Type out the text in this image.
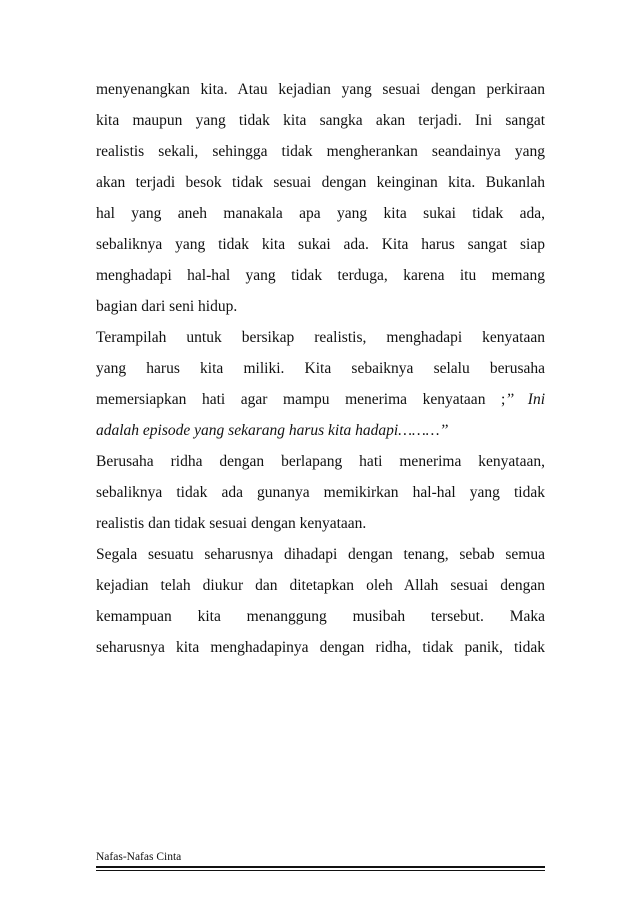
menyenangkan kita. Atau kejadian yang sesuai dengan perkiraan
kita maupun yang tidak kita sangka akan terjadi. Ini sangat
realistis sekali, sehingga tidak mengherankan seandainya yang
akan terjadi besok tidak sesuai dengan keinginan kita. Bukanlah
hal yang aneh manakala apa yang kita sukai tidak ada,
sebaliknya yang tidak kita sukai ada. Kita harus sangat siap
menghadapi hal-hal yang tidak terduga, karena itu memang
bagian dari seni hidup.
Terampilah untuk bersikap realistis, menghadapi kenyataan
yang harus kita miliki. Kita sebaiknya selalu berusaha
memersiapkan hati agar mampu menerima kenyataan ;’’ Ini
adalah episode yang sekarang harus kita hadapi………’’
Berusaha ridha dengan berlapang hati menerima kenyataan,
sebaliknya tidak ada gunanya memikirkan hal-hal yang tidak
realistis dan tidak sesuai dengan kenyataan.
Segala sesuatu seharusnya dihadapi dengan tenang, sebab semua
kejadian telah diukur dan ditetapkan oleh Allah sesuai dengan
kemampuan kita menanggung musibah tersebut. Maka
seharusnya kita menghadapinya dengan ridha, tidak panik, tidak
Nafas-Nafas Cinta
